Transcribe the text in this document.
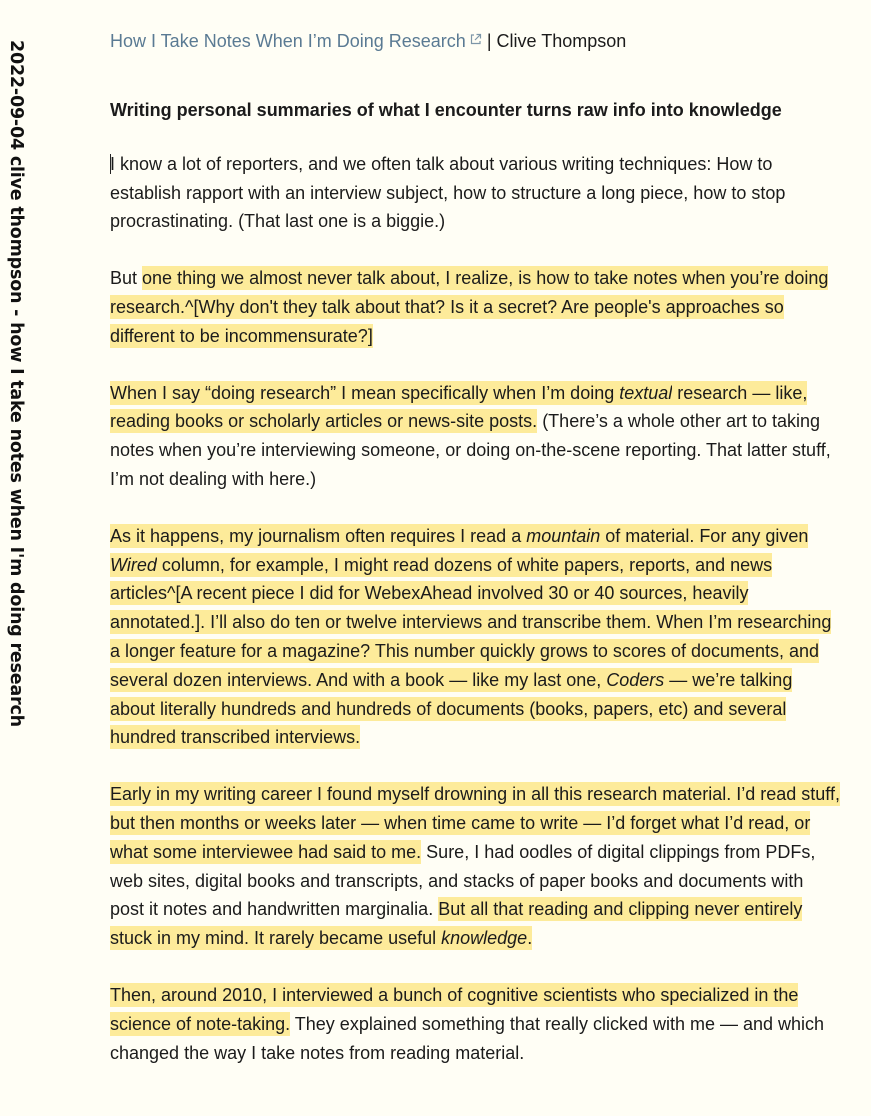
2022-09-04 clive thompson - how I take notes when I'm doing research	How I Take Notes When I’m Doing Research | Clive Thompson

Writing personal summaries of what I encounter turns raw info into knowledge

I know a lot of reporters, and we often talk about various writing techniques: How to establish rapport with an interview subject, how to structure a long piece, how to stop procrastinating. (That last one is a biggie.)

But one thing we almost never talk about, I realize, is how to take notes when you’re doing research.^[Why don't they talk about that? Is it a secret? Are people's approaches so different to be incommensurate?]

When I say “doing research” I mean specifically when I’m doing textual research — like, reading books or scholarly articles or news-site posts. (There’s a whole other art to taking notes when you’re interviewing someone, or doing on-the-scene reporting. That latter stuff, I’m not dealing with here.)

As it happens, my journalism often requires I read a mountain of material. For any given Wired column, for example, I might read dozens of white papers, reports, and news articles^[A recent piece I did for WebexAhead involved 30 or 40 sources, heavily annotated.]. I’ll also do ten or twelve interviews and transcribe them. When I’m researching a longer feature for a magazine? This number quickly grows to scores of documents, and several dozen interviews. And with a book — like my last one, Coders — we’re talking about literally hundreds and hundreds of documents (books, papers, etc) and several hundred transcribed interviews.

Early in my writing career I found myself drowning in all this research material. I’d read stuff, but then months or weeks later — when time came to write — I’d forget what I’d read, or what some interviewee had said to me. Sure, I had oodles of digital clippings from PDFs, web sites, digital books and transcripts, and stacks of paper books and documents with post it notes and handwritten marginalia. But all that reading and clipping never entirely stuck in my mind. It rarely became useful knowledge.

Then, around 2010, I interviewed a bunch of cognitive scientists who specialized in the science of note-taking. They explained something that really clicked with me — and which changed the way I take notes from reading material.
